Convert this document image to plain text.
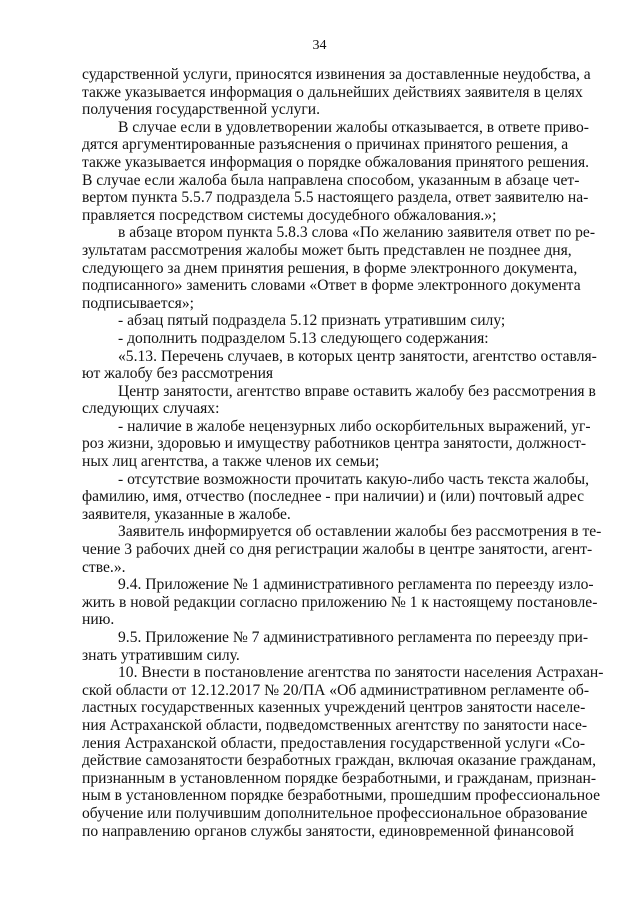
34
сударственной услуги, приносятся извинения за доставленные неудобства, а
также указывается информация о дальнейших действиях заявителя в целях
получения государственной услуги.
В случае если в удовлетворении жалобы отказывается, в ответе приво-
дятся аргументированные разъяснения о причинах принятого решения, а
также указывается информация о порядке обжалования принятого решения.
В случае если жалоба была направлена способом, указанным в абзаце чет-
вертом пункта 5.5.7 подраздела 5.5 настоящего раздела, ответ заявителю на-
правляется посредством системы досудебного обжалования.»;
в абзаце втором пункта 5.8.3 слова «По желанию заявителя ответ по ре-
зультатам рассмотрения жалобы может быть представлен не позднее дня,
следующего за днем принятия решения, в форме электронного документа,
подписанного» заменить словами «Ответ в форме электронного документа
подписывается»;
- абзац пятый подраздела 5.12 признать утратившим силу;
- дополнить подразделом 5.13 следующего содержания:
«5.13. Перечень случаев, в которых центр занятости, агентство оставля-
ют жалобу без рассмотрения
Центр занятости, агентство вправе оставить жалобу без рассмотрения в
следующих случаях:
- наличие в жалобе нецензурных либо оскорбительных выражений, уг-
роз жизни, здоровью и имуществу работников центра занятости, должност-
ных лиц агентства, а также членов их семьи;
- отсутствие возможности прочитать какую-либо часть текста жалобы,
фамилию, имя, отчество (последнее - при наличии) и (или) почтовый адрес
заявителя, указанные в жалобе.
Заявитель информируется об оставлении жалобы без рассмотрения в те-
чение 3 рабочих дней со дня регистрации жалобы в центре занятости, агент-
стве.».
9.4. Приложение № 1 административного регламента по переезду изло-
жить в новой редакции согласно приложению № 1 к настоящему постановле-
нию.
9.5. Приложение № 7 административного регламента по переезду при-
знать утратившим силу.
10. Внести в постановление агентства по занятости населения Астрахан-
ской области от 12.12.2017 № 20/ПА «Об административном регламенте об-
ластных государственных казенных учреждений центров занятости населе-
ния Астраханской области, подведомственных агентству по занятости насе-
ления Астраханской области, предоставления государственной услуги «Со-
действие самозанятости безработных граждан, включая оказание гражданам,
признанным в установленном порядке безработными, и гражданам, признан-
ным в установленном порядке безработными, прошедшим профессиональное
обучение или получившим дополнительное профессиональное образование
по направлению органов службы занятости, единовременной финансовой
